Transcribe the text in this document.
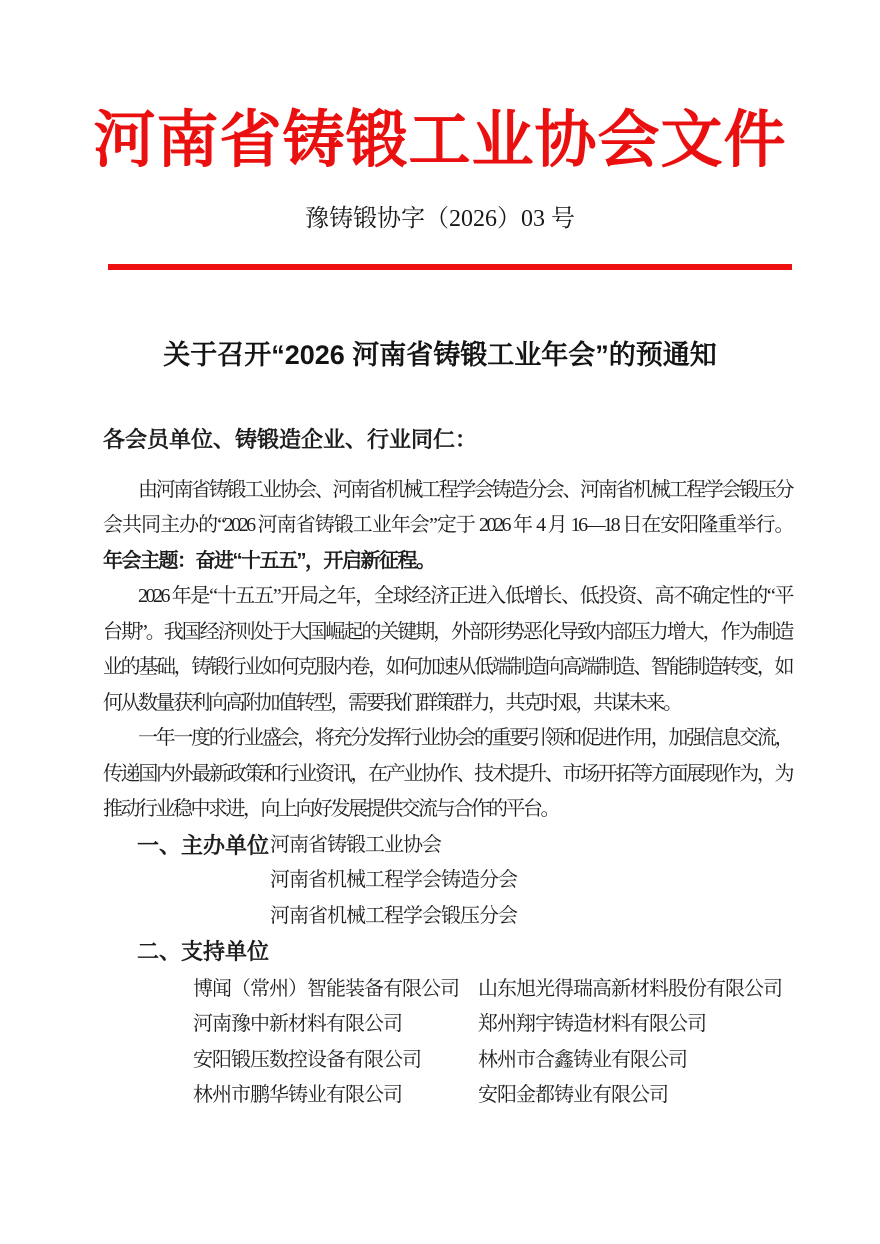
河南省铸锻工业协会文件
豫铸锻协字（2026）03 号
关于召开“2026 河南省铸锻工业年会”的预通知
各会员单位、铸锻造企业、行业同仁：
由河南省铸锻工业协会、河南省机械工程学会铸造分会、河南省机械工程学会锻压分
会共同主办的“2026 河南省铸锻工业年会”定于 2026 年 4 月 16—18 日在安阳隆重举行。
年会主题：奋进“十五五”，开启新征程。
2026 年是“十五五”开局之年，全球经济正进入低增长、低投资、高不确定性的“平
台期”。我国经济则处于大国崛起的关键期，外部形势恶化导致内部压力增大，作为制造
业的基础，铸锻行业如何克服内卷，如何加速从低端制造向高端制造、智能制造转变，如
何从数量获利向高附加值转型，需要我们群策群力，共克时艰，共谋未来。
一年一度的行业盛会，将充分发挥行业协会的重要引领和促进作用，加强信息交流，
传递国内外最新政策和行业资讯，在产业协作、技术提升、市场开拓等方面展现作为，为
推动行业稳中求进，向上向好发展提供交流与合作的平台。
一、主办单位 河南省铸锻工业协会
河南省机械工程学会铸造分会
河南省机械工程学会锻压分会
二、支持单位
博闻（常州）智能装备有限公司 山东旭光得瑞高新材料股份有限公司
河南豫中新材料有限公司	郑州翔宇铸造材料有限公司
安阳锻压数控设备有限公司	林州市合鑫铸业有限公司
林州市鹏华铸业有限公司	安阳金都铸业有限公司
